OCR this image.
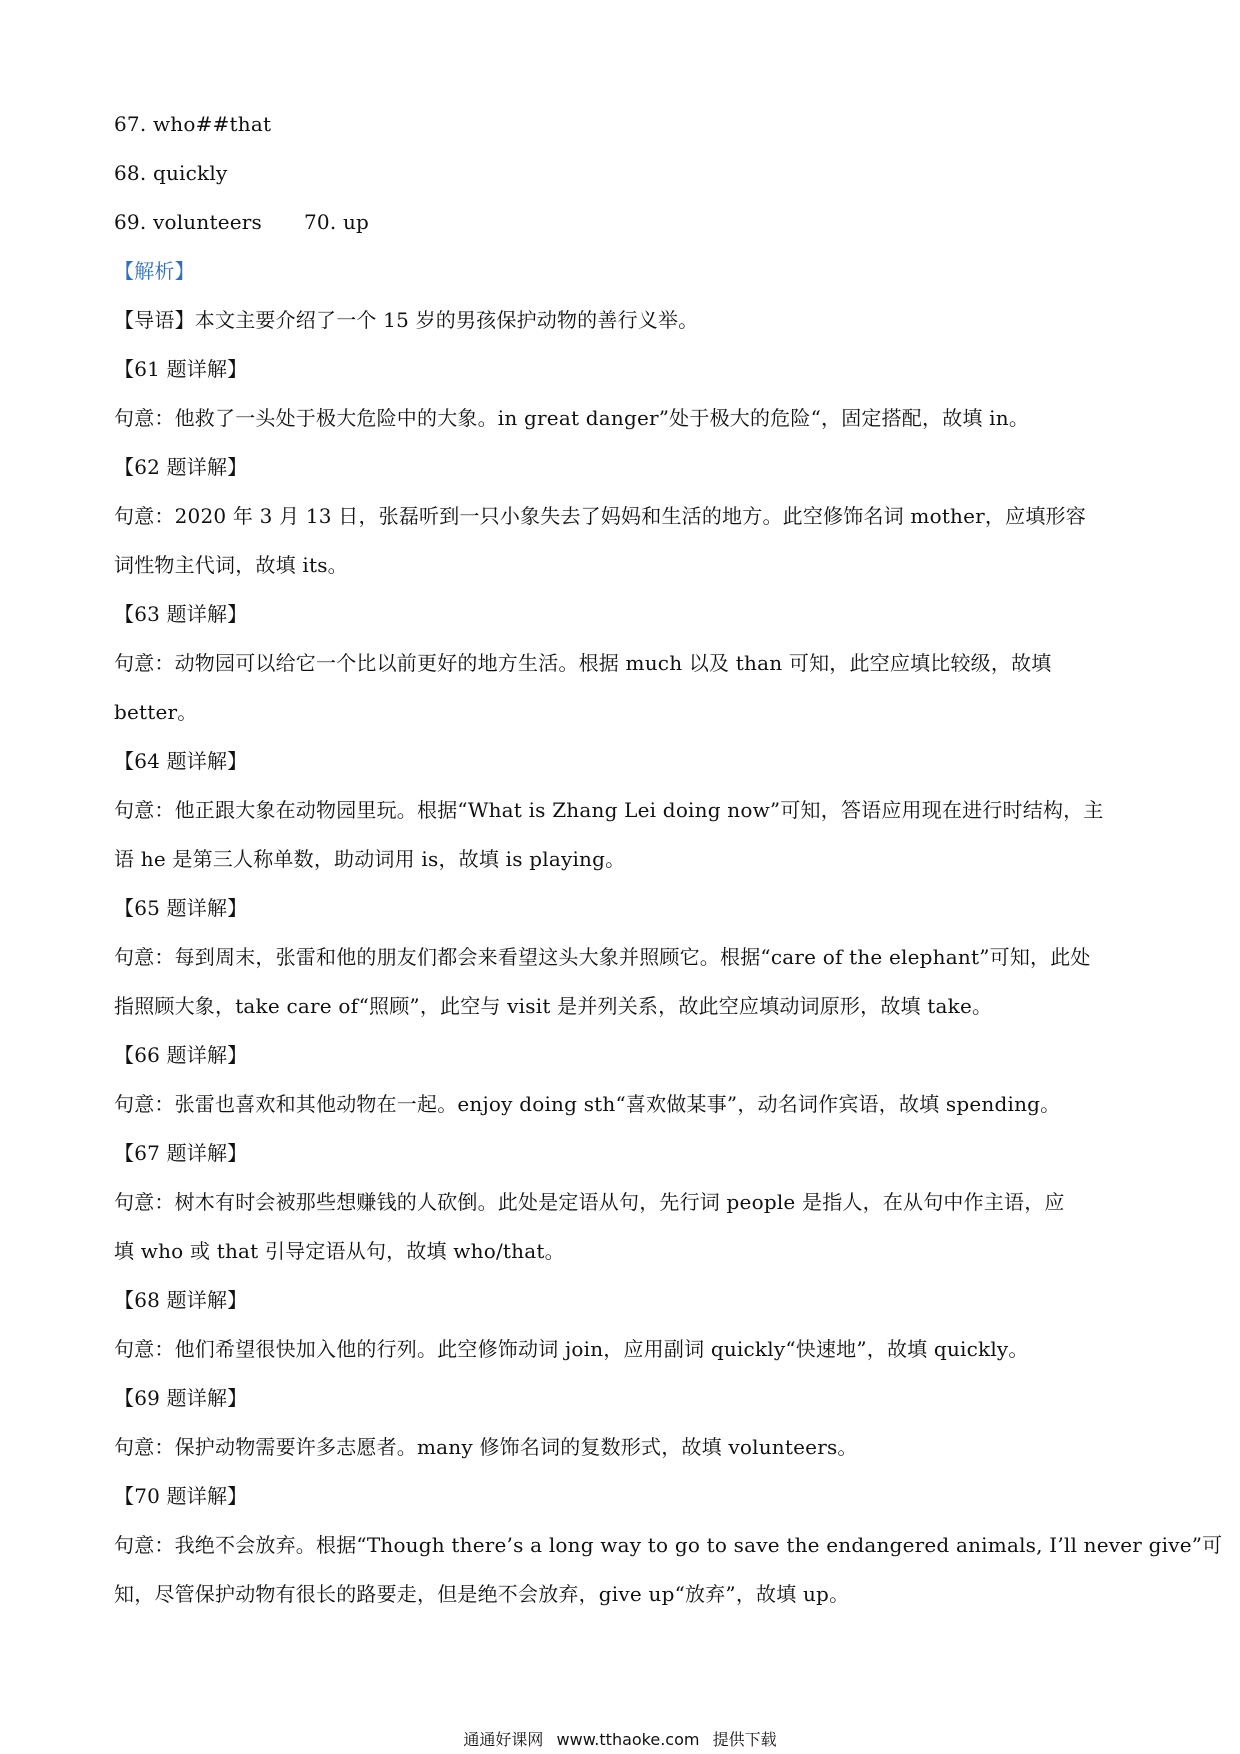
67. who##that
68. quickly
69. volunteers 70. up
【解析】
【导语】本文主要介绍了一个 15 岁的男孩保护动物的善行义举。
【61 题详解】
句意：他救了一头处于极大危险中的大象。in great danger”处于极大的危险“，固定搭配，故填 in。
【62 题详解】
句意：2020 年 3 月 13 日，张磊听到一只小象失去了妈妈和生活的地方。此空修饰名词 mother，应填形容
词性物主代词，故填 its。
【63 题详解】
句意：动物园可以给它一个比以前更好的地方生活。根据 much 以及 than 可知，此空应填比较级，故填
better。
【64 题详解】
句意：他正跟大象在动物园里玩。根据“What is Zhang Lei doing now”可知，答语应用现在进行时结构，主
语 he 是第三人称单数，助动词用 is，故填 is playing。
【65 题详解】
句意：每到周末，张雷和他的朋友们都会来看望这头大象并照顾它。根据“care of the elephant”可知，此处
指照顾大象，take care of“照顾”，此空与 visit 是并列关系，故此空应填动词原形，故填 take。
【66 题详解】
句意：张雷也喜欢和其他动物在一起。enjoy doing sth“喜欢做某事”，动名词作宾语，故填 spending。
【67 题详解】
句意：树木有时会被那些想赚钱的人砍倒。此处是定语从句，先行词 people 是指人，在从句中作主语，应
填 who 或 that 引导定语从句，故填 who/that。
【68 题详解】
句意：他们希望很快加入他的行列。此空修饰动词 join，应用副词 quickly“快速地”，故填 quickly。
【69 题详解】
句意：保护动物需要许多志愿者。many 修饰名词的复数形式，故填 volunteers。
【70 题详解】
句意：我绝不会放弃。根据“Though there’s a long way to go to save the endangered animals, I’ll never give”可
知，尽管保护动物有很长的路要走，但是绝不会放弃，give up“放弃”，故填 up。
通通好课网 www.tthaoke.com 提供下载
